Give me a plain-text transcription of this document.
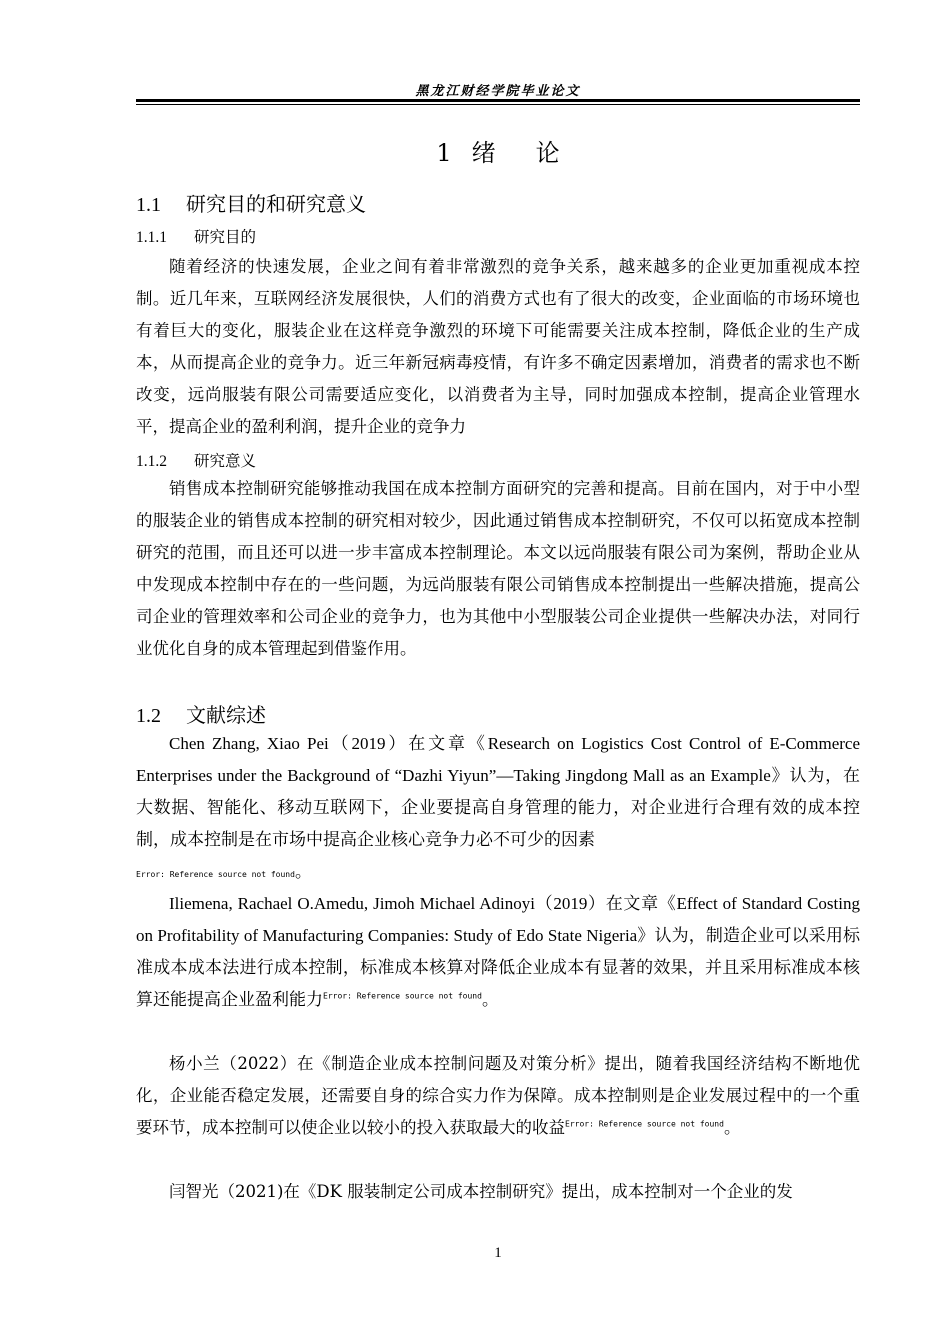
黑龙江财经学院毕业论文
1 绪 论
1.1 研究目的和研究意义
1.1.1 研究目的

随着经济的快速发展，企业之间有着非常激烈的竞争关系，越来越多的企业更加重视成本控制。近几年来，互联网经济发展很快，人们的消费方式也有了很大的改变，企业面临的市场环境也有着巨大的变化，服装企业在这样竞争激烈的环境下可能需要关注成本控制，降低企业的生产成本，从而提高企业的竞争力。近三年新冠病毒疫情，有许多不确定因素增加，消费者的需求也不断改变，远尚服装有限公司需要适应变化，以消费者为主导，同时加强成本控制，提高企业管理水平，提高企业的盈利利润，提升企业的竞争力

1.1.2 研究意义

销售成本控制研究能够推动我国在成本控制方面研究的完善和提高。目前在国内，对于中小型的服装企业的销售成本控制的研究相对较少，因此通过销售成本控制研究，不仅可以拓宽成本控制研究的范围，而且还可以进一步丰富成本控制理论。本文以远尚服装有限公司为案例，帮助企业从中发现成本控制中存在的一些问题，为远尚服装有限公司销售成本控制提出一些解决措施，提高公司企业的管理效率和公司企业的竞争力，也为其他中小型服装公司企业提供一些解决办法，对同行业优化自身的成本管理起到借鉴作用。

1.2 文献综述

Chen Zhang, Xiao Pei（2019）在文章《Research on Logistics Cost Control of E-Commerce Enterprises under the Background of “Dazhi Yiyun”—Taking Jingdong Mall as an Example》认为，在大数据、智能化、移动互联网下，企业要提高自身管理的能力，对企业进行合理有效的成本控制，成本控制是在市场中提高企业核心竞争力必不可少的因素
Error: Reference source not found。

Iliemena, Rachael O.Amedu, Jimoh Michael Adinoyi（2019）在文章《Effect of Standard Costing on Profitability of Manufacturing Companies: Study of Edo State Nigeria》认为，制造企业可以采用标准成本成本法进行成本控制，标准成本核算对降低企业成本有显著的效果，并且采用标准成本核算还能提高企业盈利能力$^{Error: Reference source not found}$。

杨小兰（2022）在《制造企业成本控制问题及对策分析》提出，随着我国经济结构不断地优化，企业能否稳定发展，还需要自身的综合实力作为保障。成本控制则是企业发展过程中的一个重要环节，成本控制可以使企业以较小的投入获取最大的收益$^{Error: Reference source not found}$。

闫智光（2021)在《DK 服装制定公司成本控制研究》提出，成本控制对一个企业的发

1
